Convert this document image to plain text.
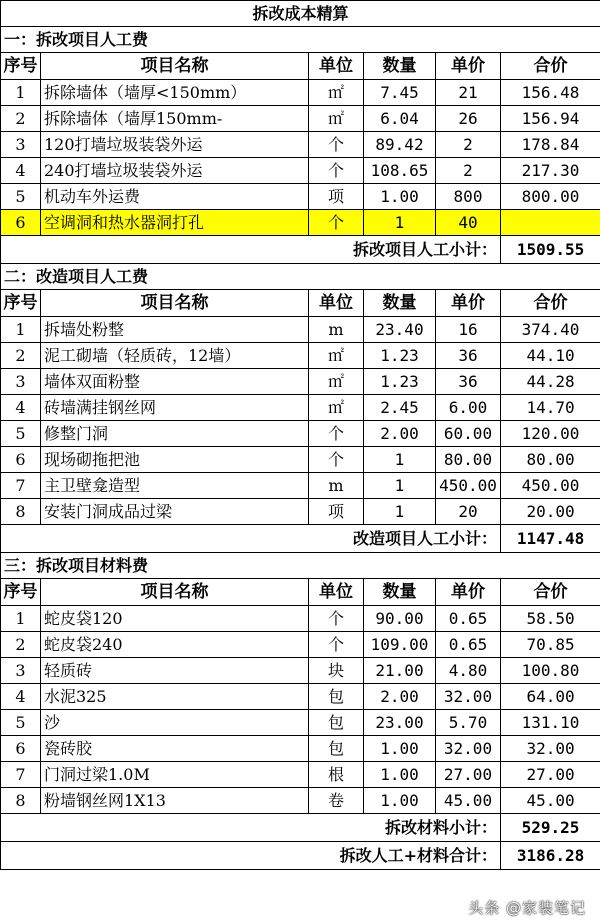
拆改成本精算					
一：拆改项目人工费					
序号	项目名称	单位	数量	单价	合价
1	拆除墙体（墙厚<150mm）	㎡	7.45	21	156.48
2	拆除墙体（墙厚150mm-	㎡	6.04	26	156.94
3	120打墙垃圾装袋外运	个	89.42	2	178.84
4	240打墙垃圾装袋外运	个	108.65	2	217.30
5	机动车外运费	项	1.00	800	800.00
6	空调洞和热水器洞打孔	个	1	40	
拆改项目人工小计：					1509.55
二：改造项目人工费					
序号	项目名称	单位	数量	单价	合价
1	拆墙处粉整	m	23.40	16	374.40
2	泥工砌墙（轻质砖，12墙）	㎡	1.23	36	44.10
3	墙体双面粉整	㎡	1.23	36	44.28
4	砖墙满挂钢丝网	㎡	2.45	6.00	14.70
5	修整门洞	个	2.00	60.00	120.00
6	现场砌拖把池	个	1	80.00	80.00
7	主卫壁龛造型	m	1	450.00	450.00
8	安装门洞成品过梁	项	1	20	20.00
改造项目人工小计：					1147.48
三：拆改项目材料费					
序号	项目名称	单位	数量	单价	合价
1	蛇皮袋120	个	90.00	0.65	58.50
2	蛇皮袋240	个	109.00	0.65	70.85
3	轻质砖	块	21.00	4.80	100.80
4	水泥325	包	2.00	32.00	64.00
5	沙	包	23.00	5.70	131.10
6	瓷砖胶	包	1.00	32.00	32.00
7	门洞过梁1.0M	根	1.00	27.00	27.00
8	粉墙钢丝网1X13	卷	1.00	45.00	45.00
拆改材料小计：					529.25
拆改人工+材料合计：					3186.28
头条 @家装笔记
